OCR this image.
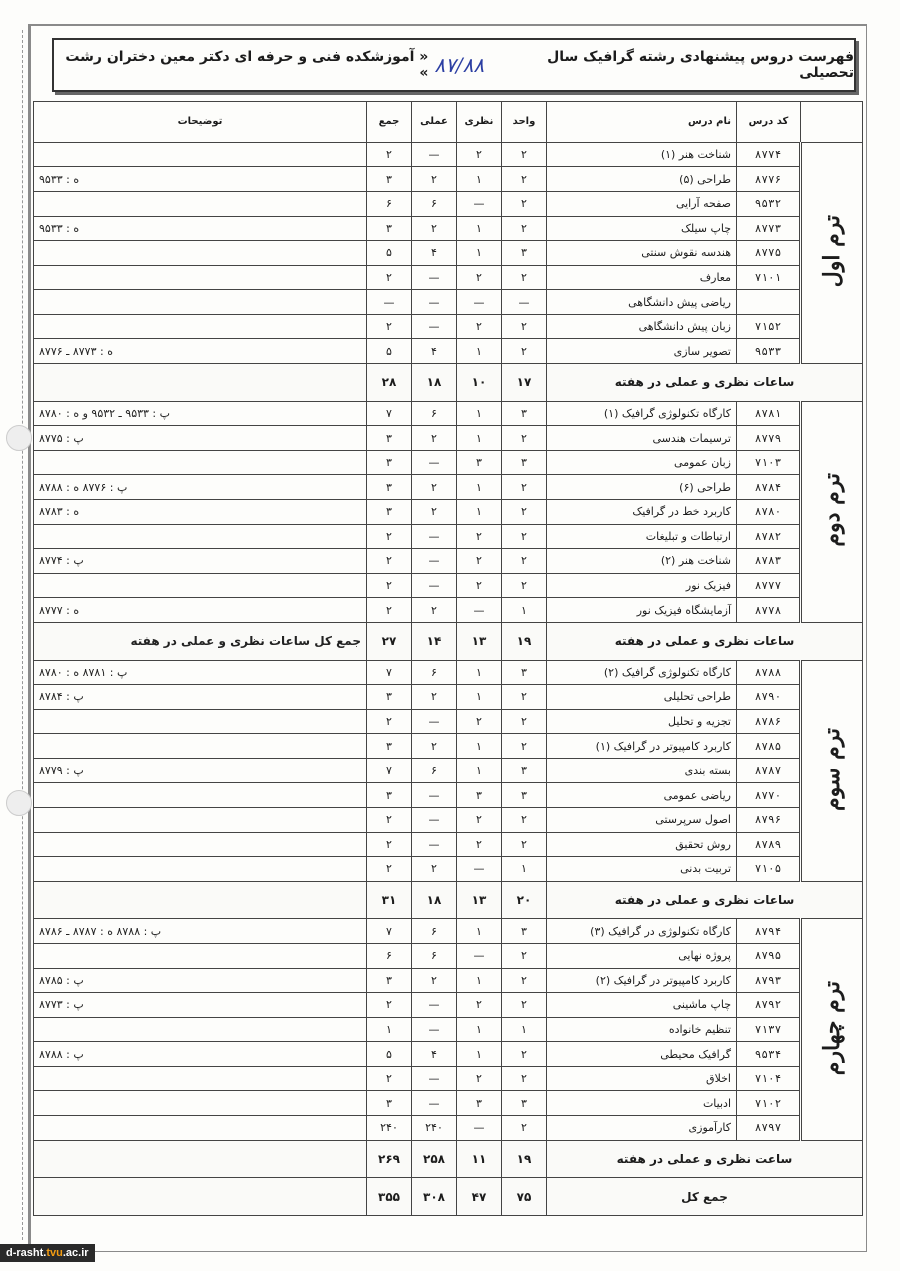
فهرست دروس پیشنهادی رشته گرافیک سال تحصیلی
۸۷/۸۸
« آموزشکده فنی و حرفه ای دکتر معین دختران رشت »
	کد درس	نام درس	واحد	نظری	عملی	جمع	توضیحات
ترم اول	۸۷۷۴	شناخت هنر (۱)	۲	۲	—	۲	
	۸۷۷۶	طراحی (۵)	۲	۱	۲	۳	ه : ۹۵۳۳
	۹۵۳۲	صفحه آرایی	۲	—	۶	۶	
	۸۷۷۳	چاپ سیلک	۲	۱	۲	۳	ه : ۹۵۳۳
	۸۷۷۵	هندسه نقوش سنتی	۳	۱	۴	۵	
	۷۱۰۱	معارف	۲	۲	—	۲	
		ریاضی پیش دانشگاهی	—	—	—	—	
	۷۱۵۲	زبان پیش دانشگاهی	۲	۲	—	۲	
	۹۵۳۳	تصویر سازی	۲	۱	۴	۵	ه : ۸۷۷۳ ـ ۸۷۷۶
ساعات نظری و عملی در هفته			۱۷	۱۰	۱۸	۲۸	
ترم دوم	۸۷۸۱	کارگاه تکنولوژی گرافیک (۱)	۳	۱	۶	۷	پ : ۹۵۳۳ ـ ۹۵۳۲ و ه : ۸۷۸۰
	۸۷۷۹	ترسیمات هندسی	۲	۱	۲	۳	پ : ۸۷۷۵
	۷۱۰۳	زبان عمومی	۳	۳	—	۳	
	۸۷۸۴	طراحی (۶)	۲	۱	۲	۳	پ : ۸۷۷۶ ه : ۸۷۸۸
	۸۷۸۰	کاربرد خط در گرافیک	۲	۱	۲	۳	ه : ۸۷۸۳
	۸۷۸۲	ارتباطات و تبلیغات	۲	۲	—	۲	
	۸۷۸۳	شناخت هنر (۲)	۲	۲	—	۲	پ : ۸۷۷۴
	۸۷۷۷	فیزیک نور	۲	۲	—	۲	
	۸۷۷۸	آزمایشگاه فیزیک نور	۱	—	۲	۲	ه : ۸۷۷۷
ساعات نظری و عملی در هفته			۱۹	۱۳	۱۴	۲۷	جمع کل ساعات نظری و عملی در هفته
ترم سوم	۸۷۸۸	کارگاه تکنولوژی گرافیک (۲)	۳	۱	۶	۷	پ : ۸۷۸۱ ه : ۸۷۸۰
	۸۷۹۰	طراحی تحلیلی	۲	۱	۲	۳	پ : ۸۷۸۴
	۸۷۸۶	تجزیه و تحلیل	۲	۲	—	۲	
	۸۷۸۵	کاربرد کامپیوتر در گرافیک (۱)	۲	۱	۲	۳	
	۸۷۸۷	بسته بندی	۳	۱	۶	۷	پ : ۸۷۷۹
	۸۷۷۰	ریاضی عمومی	۳	۳	—	۳	
	۸۷۹۶	اصول سرپرستی	۲	۲	—	۲	
	۸۷۸۹	روش تحقیق	۲	۲	—	۲	
	۷۱۰۵	تربیت بدنی	۱	—	۲	۲	
ساعات نظری و عملی در هفته			۲۰	۱۳	۱۸	۳۱	
ترم چهارم	۸۷۹۴	کارگاه تکنولوژی در گرافیک (۳)	۳	۱	۶	۷	پ : ۸۷۸۸ ه : ۸۷۸۷ ـ ۸۷۸۶
	۸۷۹۵	پروژه نهایی	۲	—	۶	۶	
	۸۷۹۳	کاربرد کامپیوتر در گرافیک (۲)	۲	۱	۲	۳	پ : ۸۷۸۵
	۸۷۹۲	چاپ ماشینی	۲	۲	—	۲	پ : ۸۷۷۳
	۷۱۳۷	تنظیم خانواده	۱	۱	—	۱	
	۹۵۳۴	گرافیک محیطی	۲	۱	۴	۵	پ : ۸۷۸۸
	۷۱۰۴	اخلاق	۲	۲	—	۲	
	۷۱۰۲	ادبیات	۳	۳	—	۳	
	۸۷۹۷	کارآموزی	۲	—	۲۴۰	۲۴۰	
ساعت نظری و عملی در هفته			۱۹	۱۱	۲۵۸	۲۶۹	
جمع کل			۷۵	۴۷	۳۰۸	۳۵۵	
d-rasht.tvu.ac.ir
